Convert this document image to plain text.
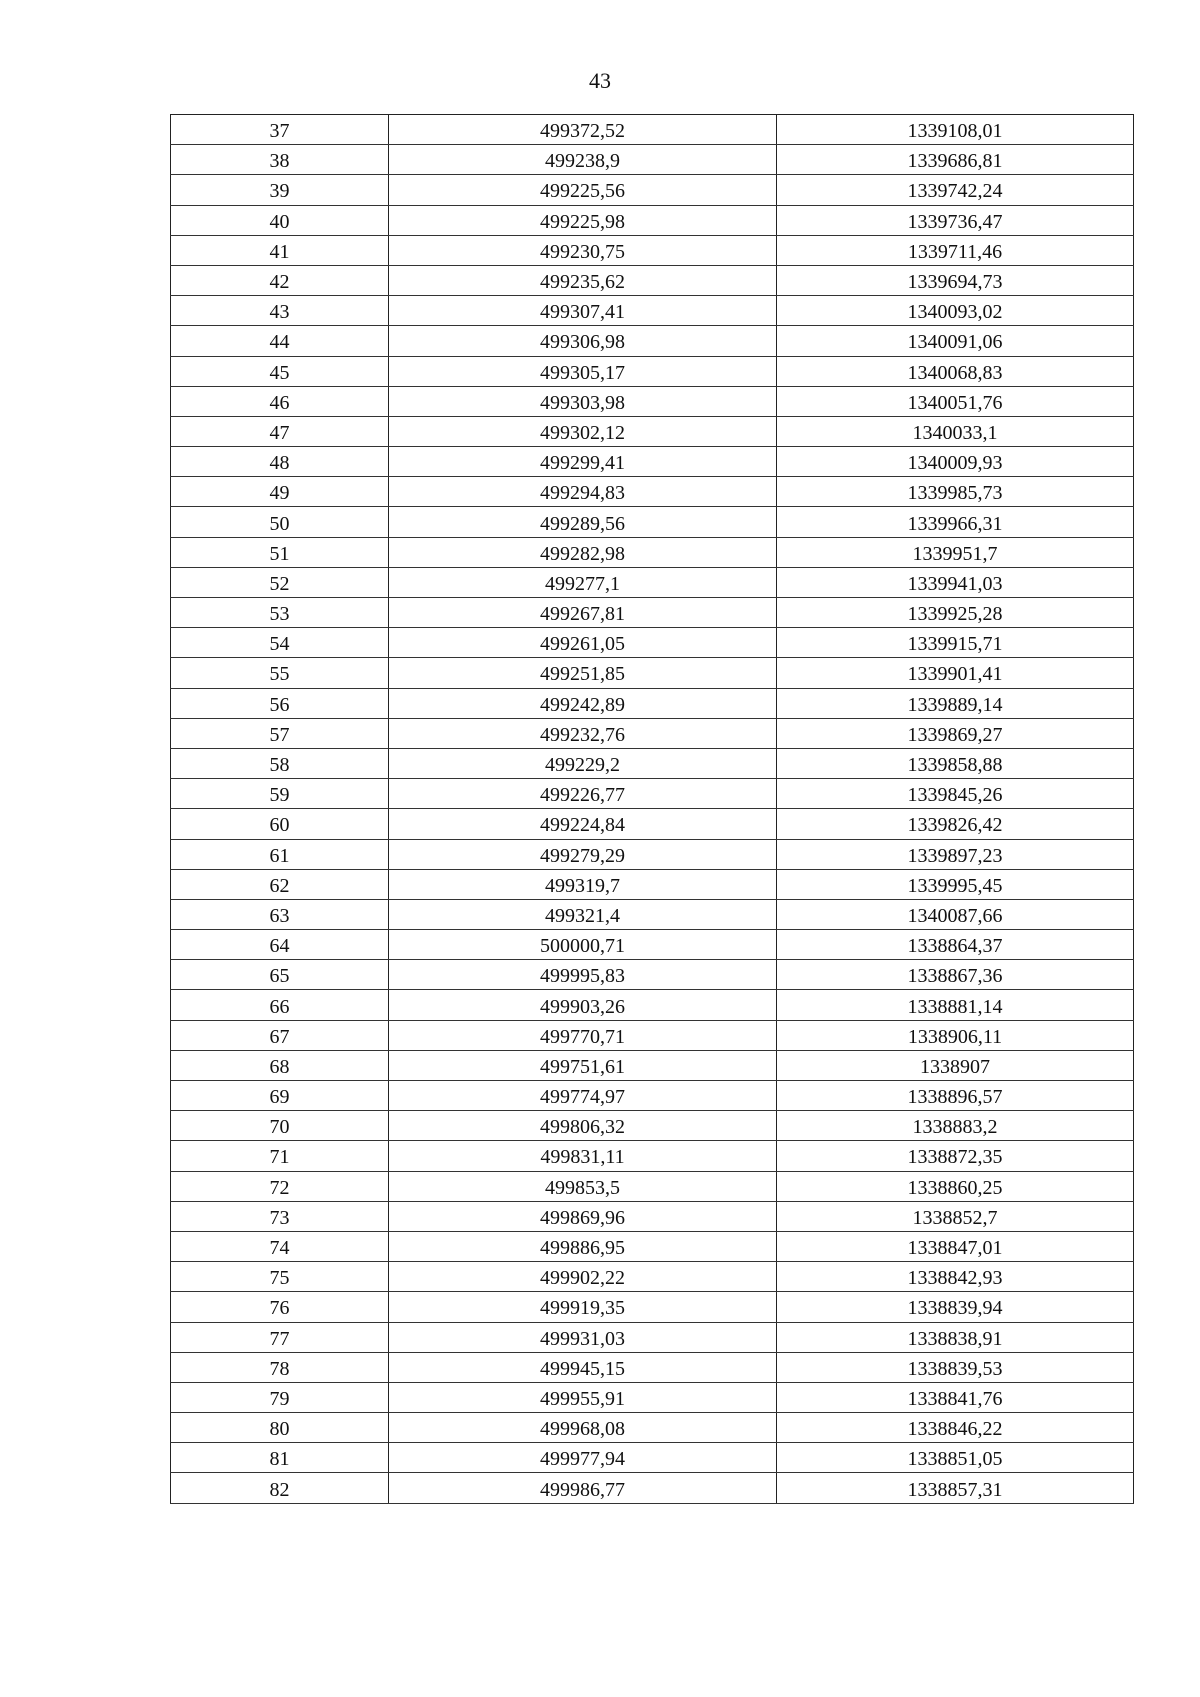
43
37	499372,52	1339108,01
38	499238,9	1339686,81
39	499225,56	1339742,24
40	499225,98	1339736,47
41	499230,75	1339711,46
42	499235,62	1339694,73
43	499307,41	1340093,02
44	499306,98	1340091,06
45	499305,17	1340068,83
46	499303,98	1340051,76
47	499302,12	1340033,1
48	499299,41	1340009,93
49	499294,83	1339985,73
50	499289,56	1339966,31
51	499282,98	1339951,7
52	499277,1	1339941,03
53	499267,81	1339925,28
54	499261,05	1339915,71
55	499251,85	1339901,41
56	499242,89	1339889,14
57	499232,76	1339869,27
58	499229,2	1339858,88
59	499226,77	1339845,26
60	499224,84	1339826,42
61	499279,29	1339897,23
62	499319,7	1339995,45
63	499321,4	1340087,66
64	500000,71	1338864,37
65	499995,83	1338867,36
66	499903,26	1338881,14
67	499770,71	1338906,11
68	499751,61	1338907
69	499774,97	1338896,57
70	499806,32	1338883,2
71	499831,11	1338872,35
72	499853,5	1338860,25
73	499869,96	1338852,7
74	499886,95	1338847,01
75	499902,22	1338842,93
76	499919,35	1338839,94
77	499931,03	1338838,91
78	499945,15	1338839,53
79	499955,91	1338841,76
80	499968,08	1338846,22
81	499977,94	1338851,05
82	499986,77	1338857,31
